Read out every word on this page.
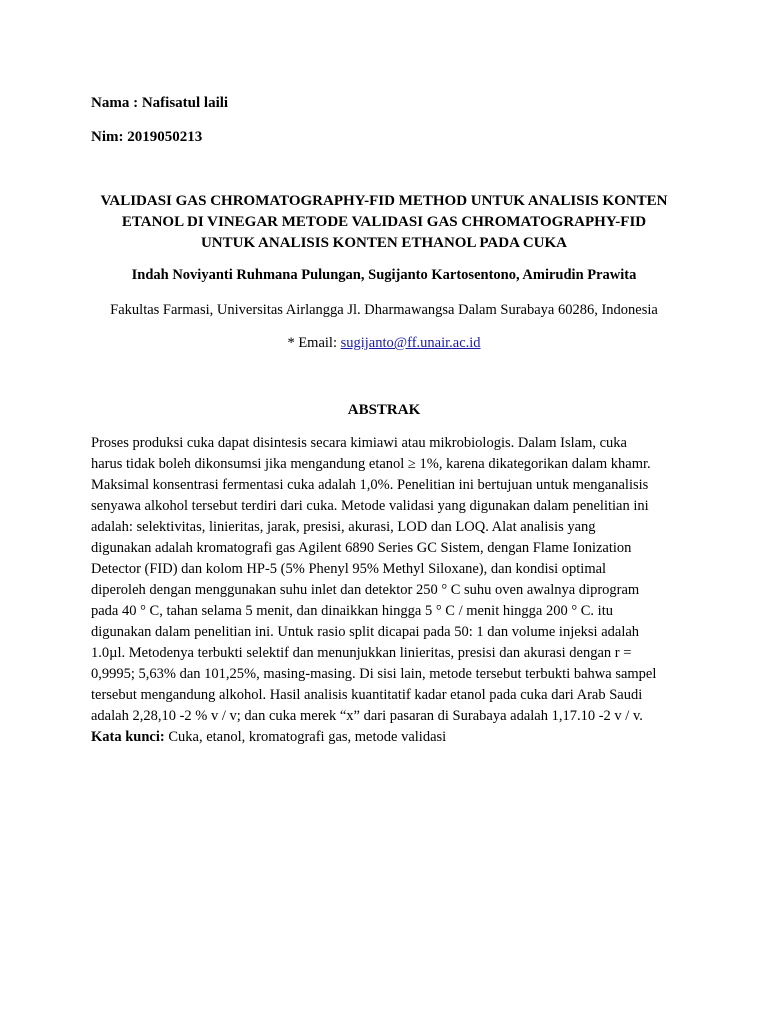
Nama : Nafisatul laili
Nim: 2019050213
VALIDASI GAS CHROMATOGRAPHY-FID METHOD UNTUK ANALISIS KONTEN
ETANOL DI VINEGAR METODE VALIDASI GAS CHROMATOGRAPHY-FID
UNTUK ANALISIS KONTEN ETHANOL PADA CUKA
Indah Noviyanti Ruhmana Pulungan, Sugijanto Kartosentono, Amirudin Prawita
Fakultas Farmasi, Universitas Airlangga Jl. Dharmawangsa Dalam Surabaya 60286, Indonesia
* Email: sugijanto@ff.unair.ac.id
ABSTRAK
Proses produksi cuka dapat disintesis secara kimiawi atau mikrobiologis. Dalam Islam, cuka
harus tidak boleh dikonsumsi jika mengandung etanol ≥ 1%, karena dikategorikan dalam khamr.
Maksimal konsentrasi fermentasi cuka adalah 1,0%. Penelitian ini bertujuan untuk menganalisis
senyawa alkohol tersebut terdiri dari cuka. Metode validasi yang digunakan dalam penelitian ini
adalah: selektivitas, linieritas, jarak, presisi, akurasi, LOD dan LOQ. Alat analisis yang
digunakan adalah kromatografi gas Agilent 6890 Series GC Sistem, dengan Flame Ionization
Detector (FID) dan kolom HP-5 (5% Phenyl 95% Methyl Siloxane), dan kondisi optimal
diperoleh dengan menggunakan suhu inlet dan detektor 250 ° C suhu oven awalnya diprogram
pada 40 ° C, tahan selama 5 menit, dan dinaikkan hingga 5 ° C / menit hingga 200 ° C. itu
digunakan dalam penelitian ini. Untuk rasio split dicapai pada 50: 1 dan volume injeksi adalah
1.0µl. Metodenya terbukti selektif dan menunjukkan linieritas, presisi dan akurasi dengan r =
0,9995; 5,63% dan 101,25%, masing-masing. Di sisi lain, metode tersebut terbukti bahwa sampel
tersebut mengandung alkohol. Hasil analisis kuantitatif kadar etanol pada cuka dari Arab Saudi
adalah 2,28,10 -2 % v / v; dan cuka merek “x” dari pasaran di Surabaya adalah 1,17.10 -2 v / v.
Kata kunci: Cuka, etanol, kromatografi gas, metode validasi
